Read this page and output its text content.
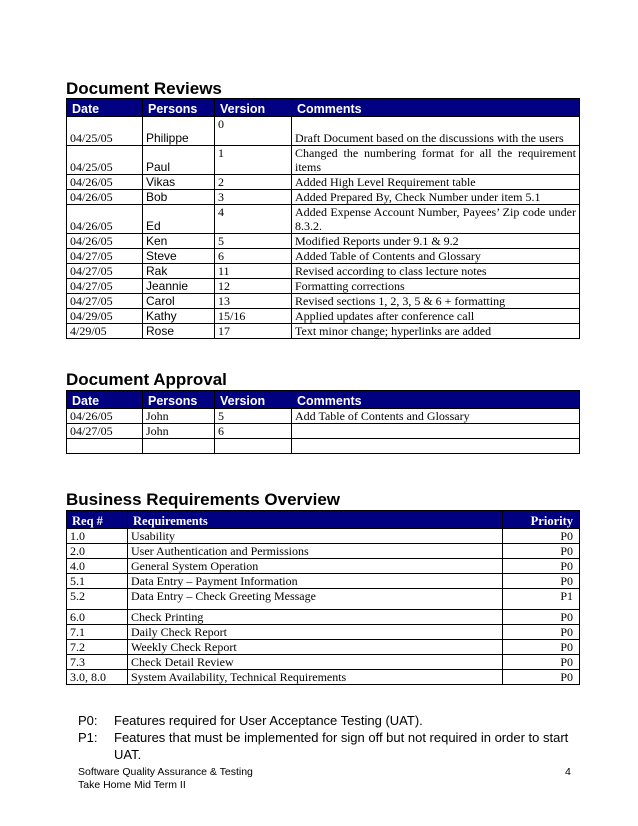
Document Reviews
Date	Persons	Version	Comments
04/25/05	Philippe	0	Draft Document based on the discussions with the users
04/25/05	Paul	1	Changed the numbering format for all the requirement items
04/26/05	Vikas	2	Added High Level Requirement table
04/26/05	Bob	3	Added Prepared By, Check Number under item 5.1
04/26/05	Ed	4	Added Expense Account Number, Payees’ Zip code under 8.3.2.
04/26/05	Ken	5	Modified Reports under 9.1 & 9.2
04/27/05	Steve	6	Added Table of Contents and Glossary
04/27/05	Rak	11	Revised according to class lecture notes
04/27/05	Jeannie	12	Formatting corrections
04/27/05	Carol	13	Revised sections 1, 2, 3, 5 & 6 + formatting
04/29/05	Kathy	15/16	Applied updates after conference call
4/29/05	Rose	17	Text minor change; hyperlinks are added
Document Approval
Date	Persons	Version	Comments
04/26/05	John	5	Add Table of Contents and Glossary
04/27/05	John	6	

Business Requirements Overview
Req #	Requirements	Priority
1.0	Usability	P0
2.0	User Authentication and Permissions	P0
4.0	General System Operation	P0
5.1	Data Entry – Payment Information	P0
5.2	Data Entry – Check Greeting Message	P1
6.0	Check Printing	P0
7.1	Daily Check Report	P0
7.2	Weekly Check Report	P0
7.3	Check Detail Review	P0
3.0, 8.0	System Availability, Technical Requirements	P0
P0:	Features required for User Acceptance Testing (UAT).
P1:	Features that must be implemented for sign off but not required in order to start UAT.
Software Quality Assurance & Testing
Take Home Mid Term II
4
